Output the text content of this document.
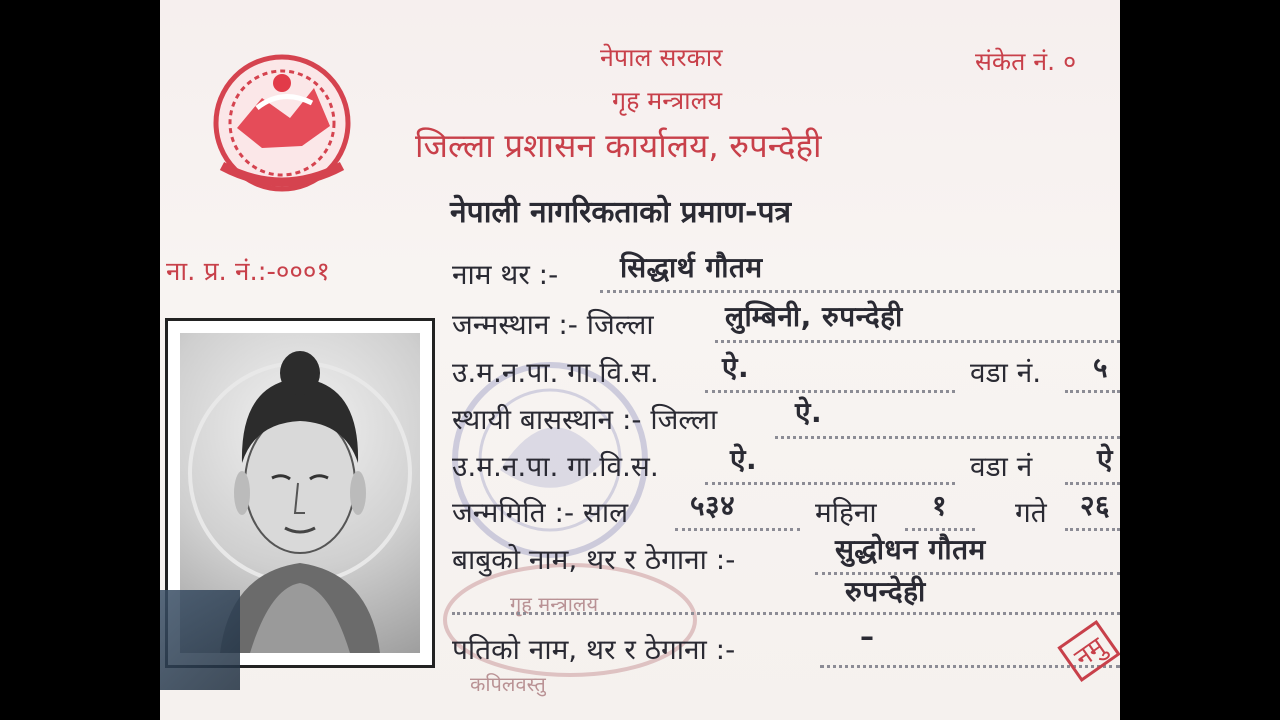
नेपाल सरकार
गृह मन्त्रालय
जिल्ला प्रशासन कार्यालय, रुपन्देही
संकेत नं. ०
नेपाली नागरिकताको प्रमाण-पत्र
ना. प्र. नं.:-०००१
गृह मन्त्रालय
कपिलवस्तु
नाम थर :- सिद्धार्थ गौतम
जन्मस्थान :- जिल्ला	लुम्बिनी, रुपन्देही
उ.म.न.पा. गा.वि.स. ऐ.	वडा नं. ५
स्थायी बासस्थान :- जिल्ला	ऐ.
उ.म.न.पा. गा.वि.स.	ऐ.	वडा नं ऐ
जन्ममिति :- साल ५३४	महिना १ गते २६
बाबुको नाम, थर र ठेगाना :-	सुद्धोधन गौतम
रुपन्देही
पतिको नाम, थर र ठेगाना :-	–	नमु
